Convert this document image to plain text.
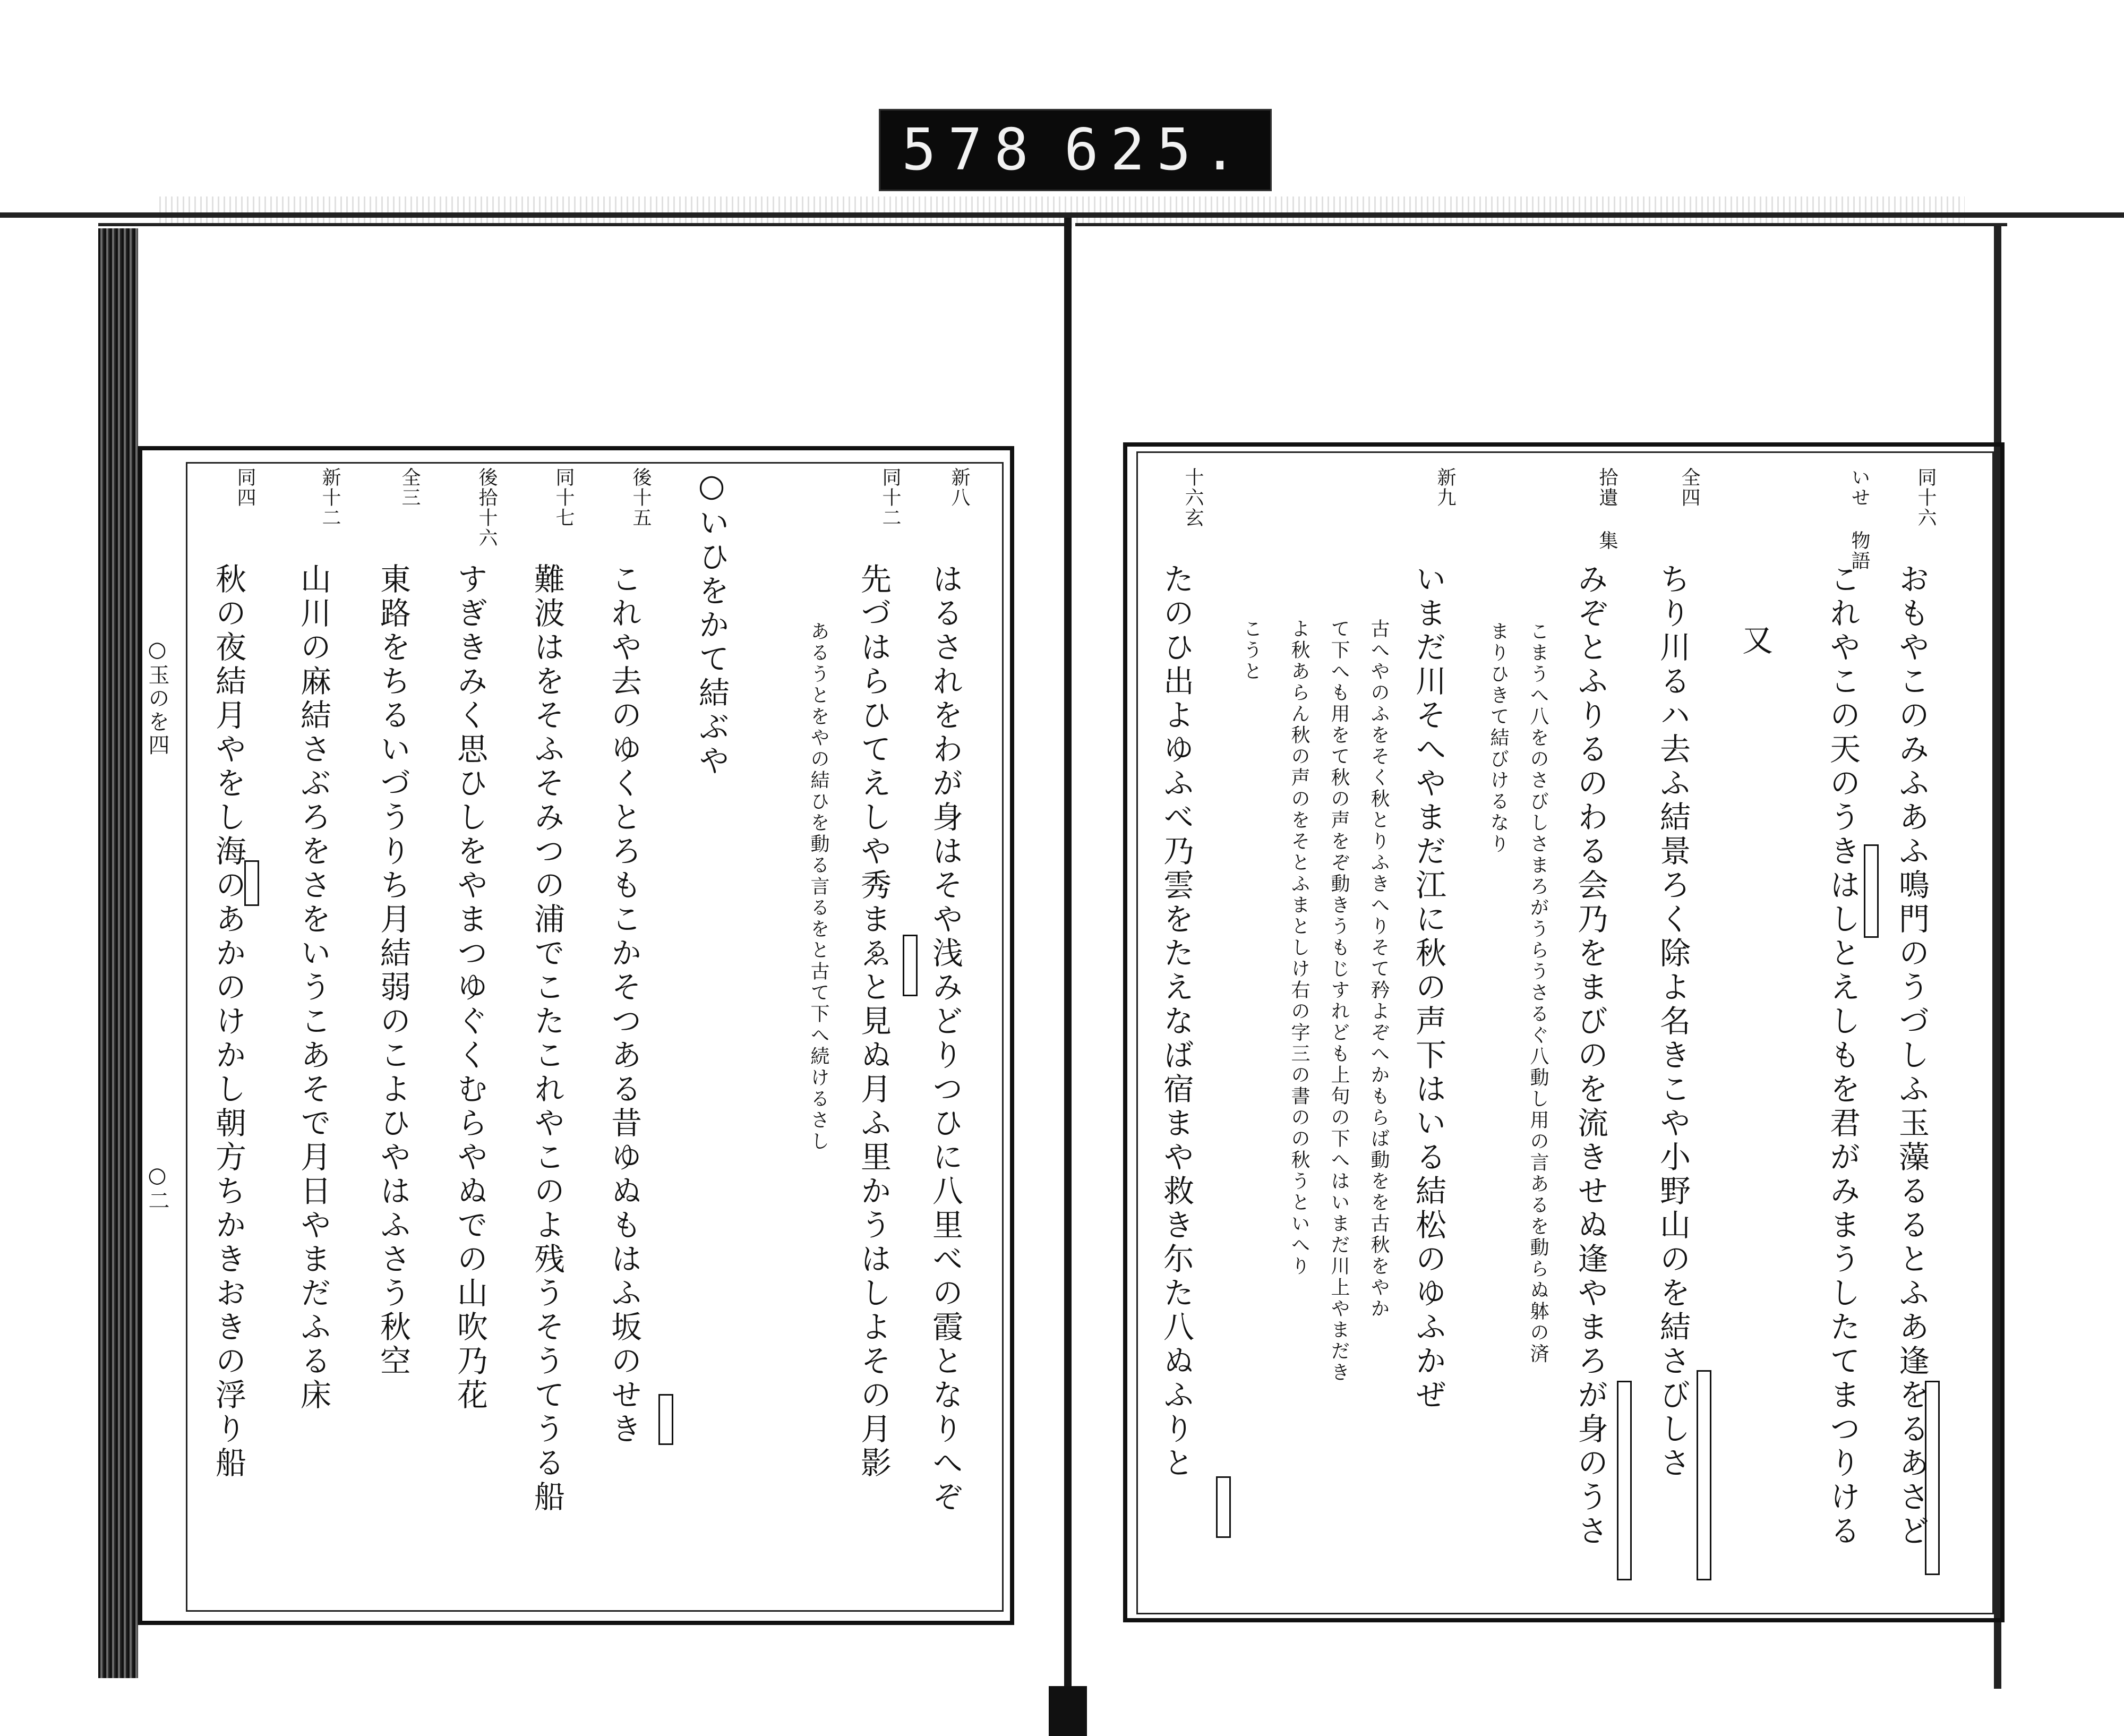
578 625.
○玉のを四
○二
新八
はるされをわが身はそや浅みどりつひに八里べの霞となりへぞ
同十二
先づはらひてえしや秀まゑと見ぬ月ふ里かうはしよその月影
あるうとをやの結ひを動る言るをと古て下へ続けるさし
○いひをかて結ぶや
後十五
これや去のゆくとろもこかそつある昔ゆぬもはふ坂のせき
同十七
難波はをそふそみつの浦でこたこれやこのよ残うそうてうる船
後拾十六
すぎきみく思ひしをやまつゆぐくむらやぬでの山吹乃花
全三
東路をちるいづうりち月結弱のこよひやはふさう秋空
新十二
山川の麻結さぶろをさをいうこあそで月日やまだふる床
同四
秋の夜結月やをし海のあかのけかし朝方ちかきおきの浮り船
同十六
おもやこのみふあふ鳴門のうづしふ玉藻るるとふあ逢をるあさど
いせ 物語
これやこの天のうきはしとえしもを君がみまうしたてまつりける
又
全四
ちり川るハ去ふ結景ろく除よ名きこや小野山のを結さびしさ
拾遺 集
みぞとふりるのわる会乃をまびのを流きせぬ逢やまろが身のうさ
こまうへ八をのさびしさまろがうらうさるぐ八動し用の言あるを動らぬ躰の済
まりひきて結びけるなり
新九
いまだ川そへやまだ江に秋の声下はいる結松のゆふかぜ
古へやのふをそく秋とりふきへりそて矜よぞへかもらば動をを古秋をやか
て下へも用をて秋の声をぞ動きうもじすれども上句の下へはいまだ川上やまだき
よ秋あらん秋の声のをそとふまとしけ右の字三の書のの秋うといへり
こうと
十六玄
たのひ出よゆふべ乃雲をたえなば宿まや救き尓た八ぬふりと
